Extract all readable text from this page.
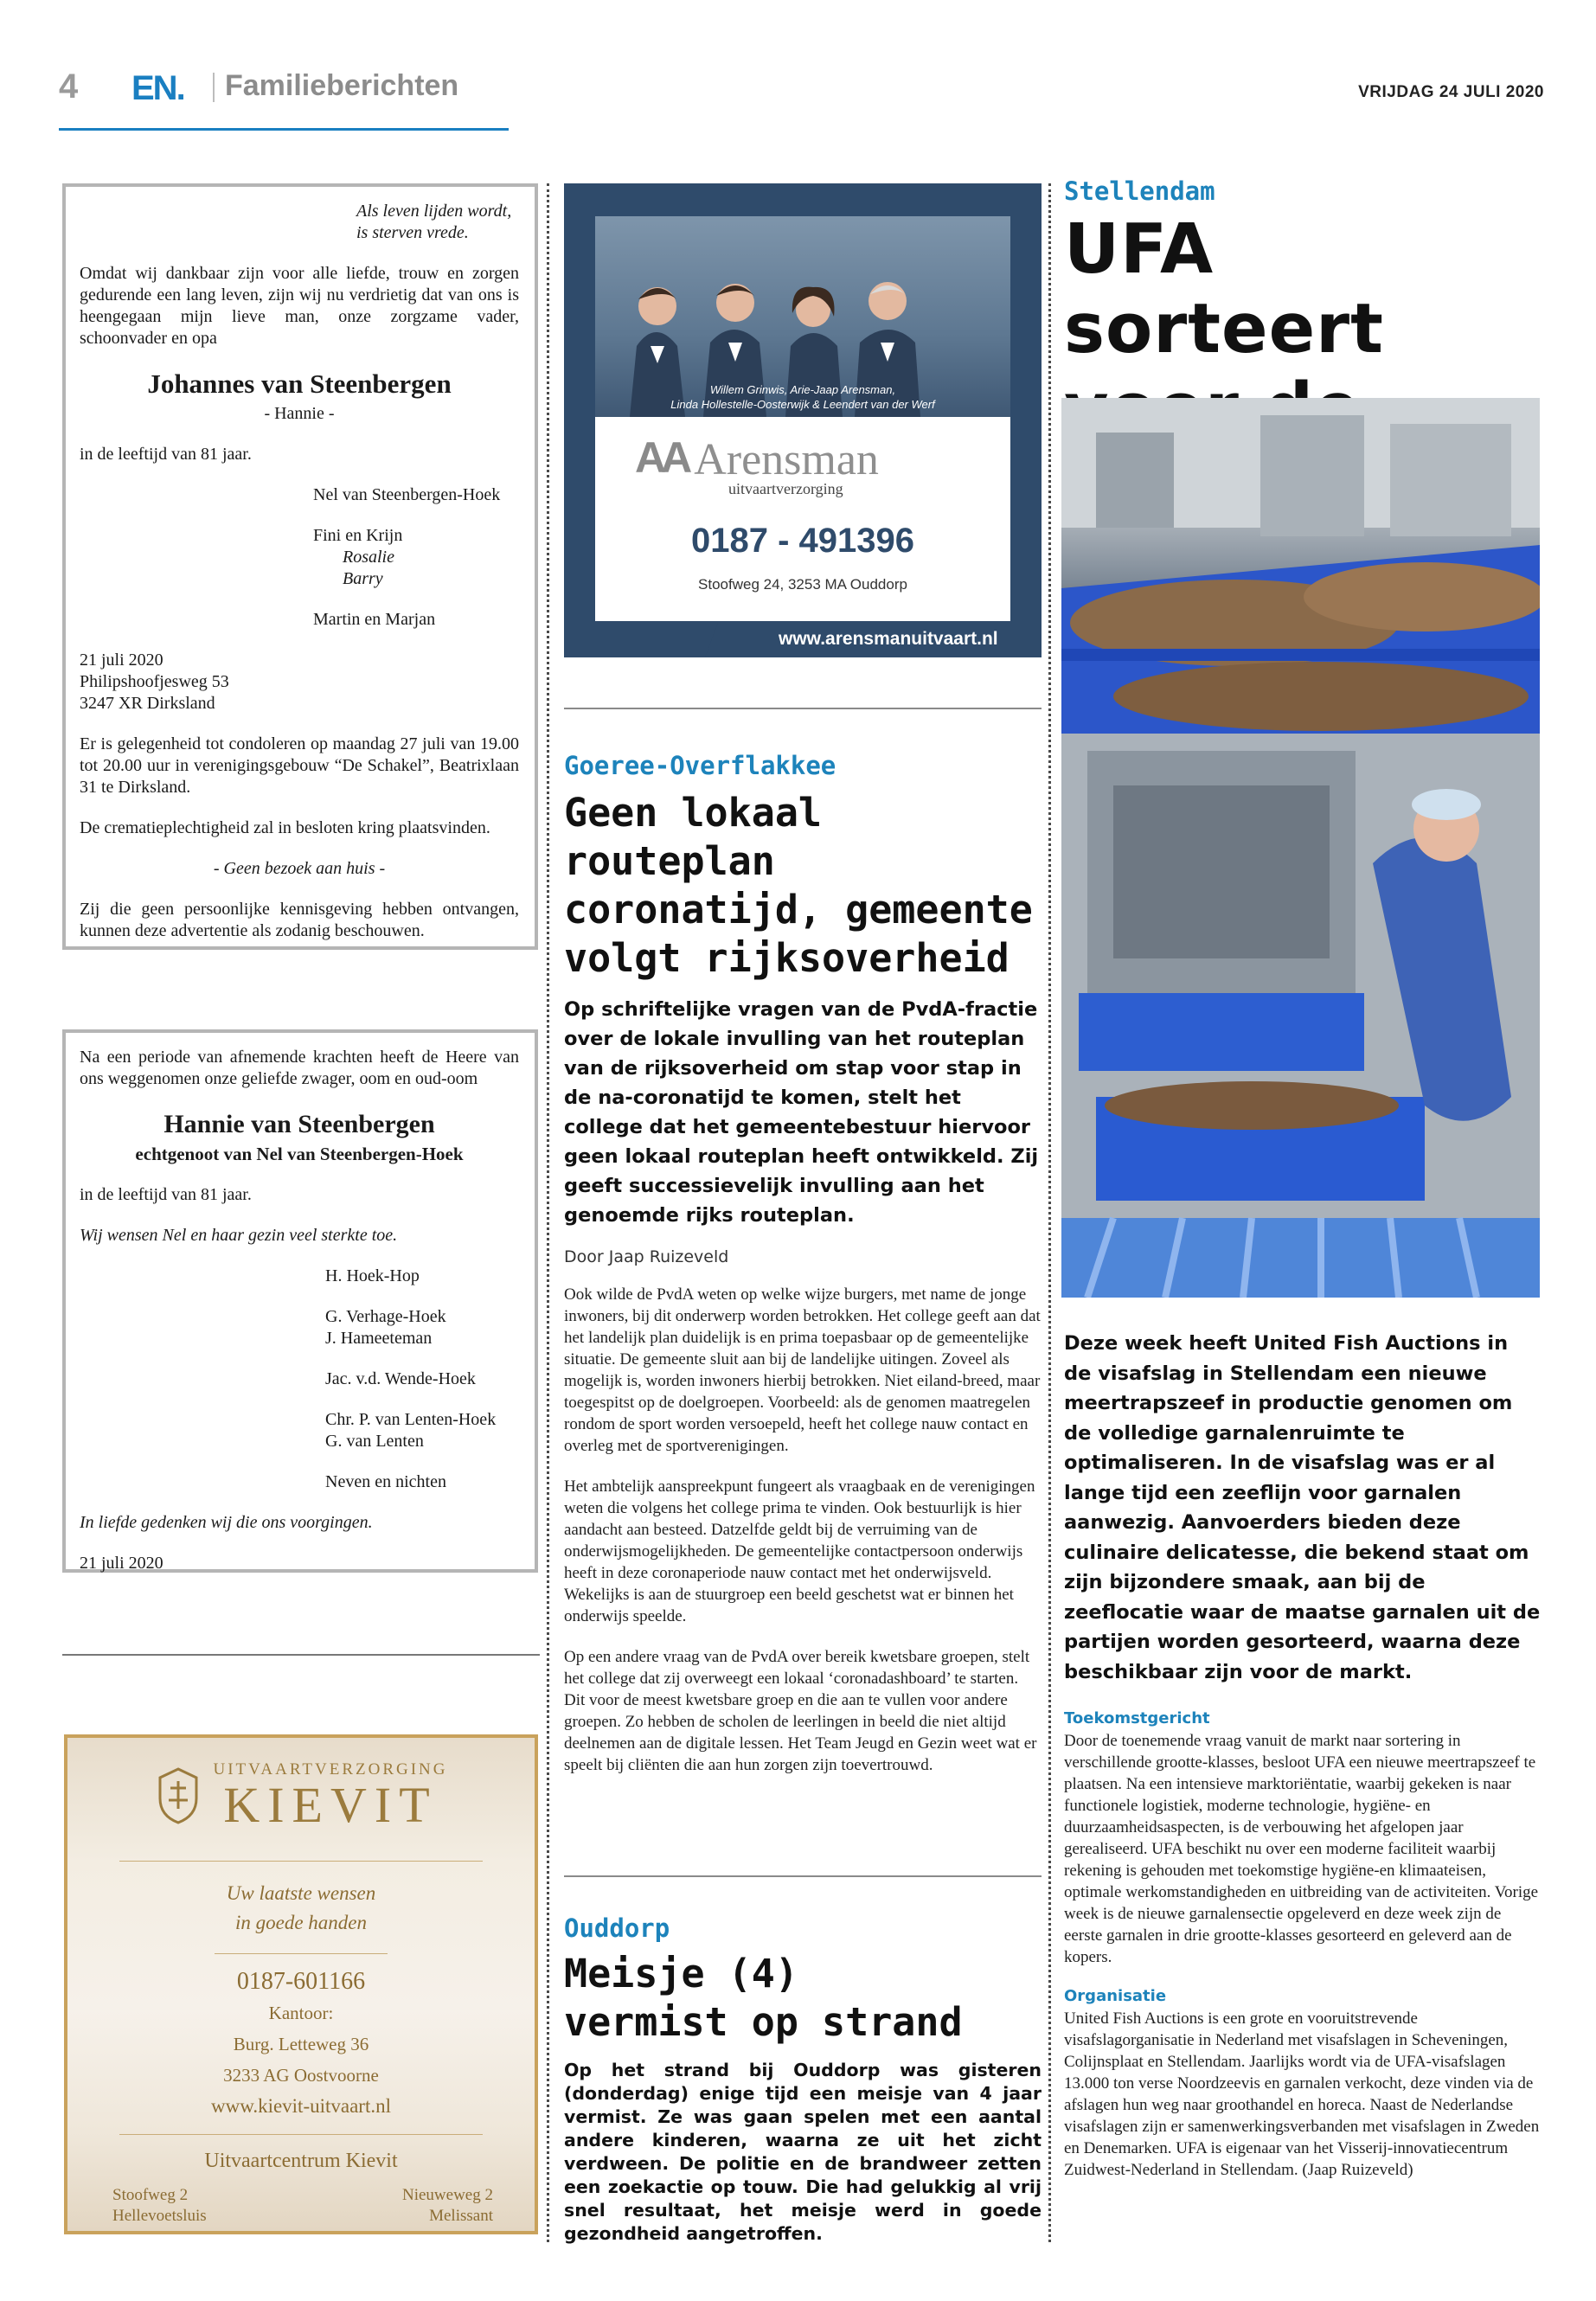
4 EN. Familieberichten	VRIJDAG 24 JULI 2020
Als leven lijden wordt,
is sterven vrede.

Omdat wij dankbaar zijn voor alle liefde, trouw en zorgen gedurende een lang leven, zijn wij nu verdrietig dat van ons is heengegaan mijn lieve man, onze zorgzame vader, schoonvader en opa

Johannes van Steenbergen
- Hannie -

in de leeftijd van 81 jaar.

Nel van Steenbergen-Hoek

Fini en Krijn
Rosalie
Barry

Martin en Marjan

21 juli 2020
Philipshoofjesweg 53
3247 XR Dirksland

Er is gelegenheid tot condoleren op maandag 27 juli van 19.00 tot 20.00 uur in verenigingsgebouw “De Schakel”, Beatrixlaan 31 te Dirksland.

De crematieplechtigheid zal in besloten kring plaatsvinden.

- Geen bezoek aan huis -

Zij die geen persoonlijke kennisgeving hebben ontvangen, kunnen deze advertentie als zodanig beschouwen.

Na een periode van afnemende krachten heeft de Heere van ons weggenomen onze geliefde zwager, oom en oud-oom

Hannie van Steenbergen
echtgenoot van Nel van Steenbergen-Hoek

in de leeftijd van 81 jaar.

Wij wensen Nel en haar gezin veel sterkte toe.

H. Hoek-Hop

G. Verhage-Hoek
J. Hameeteman

Jac. v.d. Wende-Hoek

Chr. P. van Lenten-Hoek
G. van Lenten

Neven en nichten

In liefde gedenken wij die ons voorgingen.

21 juli 2020

UITVAARTVERZORGING
KIEVIT
Uw laatste wensen
in goede handen
0187-601166
Kantoor:
Burg. Letteweg 36
3233 AG Oostvoorne
www.kievit-uitvaart.nl
Uitvaartcentrum Kievit
Stoofweg 2
Hellevoetsluis
Nieuweweg 2
Melissant
Willem Grinwis, Arie-Jaap Arensman,
Linda Hollestelle-Oosterwijk & Leendert van der Werf
AA Arensman
uitvaartverzorging
0187 - 491396
Stoofweg 24, 3253 MA Ouddorp
www.arensmanuitvaart.nl
Goeree-Overflakkee
Geen lokaal routeplan
coronatijd, gemeente
volgt rijksoverheid
Op schriftelijke vragen van de PvdA-fractie over de lokale invulling van het routeplan van de rijksoverheid om stap voor stap in de na-coronatijd te komen, stelt het college dat het gemeentebestuur hiervoor geen lokaal routeplan heeft ontwikkeld. Zij geeft successievelijk invulling aan het genoemde rijks routeplan.
Door Jaap Ruizeveld

Ook wilde de PvdA weten op welke wijze burgers, met name de jonge inwoners, bij dit onderwerp worden betrokken. Het college geeft aan dat het landelijk plan duidelijk is en prima toepasbaar op de gemeentelijke situatie. De gemeente sluit aan bij de landelijke uitingen. Zoveel als mogelijk is, worden inwoners hierbij betrokken. Niet eiland-breed, maar toegespitst op de doelgroepen. Voorbeeld: als de genomen maatregelen rondom de sport worden versoepeld, heeft het college nauw contact en overleg met de sportverenigingen.

Het ambtelijk aanspreekpunt fungeert als vraagbaak en de verenigingen weten die volgens het college prima te vinden. Ook bestuurlijk is hier aandacht aan besteed. Datzelfde geldt bij de verruiming van de onderwijsmogelijkheden. De gemeentelijke contactpersoon onderwijs heeft in deze coronaperiode nauw contact met het onderwijsveld. Wekelijks is aan de stuurgroep een beeld geschetst wat er binnen het onderwijs speelde.

Op een andere vraag van de PvdA over bereik kwetsbare groepen, stelt het college dat zij overweegt een lokaal ‘coronadashboard’ te starten. Dit voor de meest kwetsbare groep en die aan te vullen voor andere groepen. Zo hebben de scholen de leerlingen in beeld die niet altijd deelnemen aan de digitale lessen. Het Team Jeugd en Gezin weet wat er speelt bij cliënten die aan hun zorgen zijn toevertrouwd.

Ouddorp
Meisje (4)
vermist op strand
Op het strand bij Ouddorp was gisteren (donderdag) enige tijd een meisje van 4 jaar vermist. Ze was gaan spelen met een aantal andere kinderen, waarna ze uit het zicht verdween. De politie en de brandweer zetten een zoekactie op touw. Die had gelukkig al vrij snel resultaat, het meisje werd in goede gezondheid aangetroffen.
Stellendam
UFA sorteert
Deze week heeft United Fish Auctions in de visafslag in Stellendam een nieuwe meertrapszeef in productie genomen om de volledige garnalenruimte te optimaliseren. In de visafslag was er al lange tijd een zeeflijn voor garnalen aanwezig. Aanvoerders bieden deze culinaire delicatesse, die bekend staat om zijn bijzondere smaak, aan bij de zeeflocatie waar de maatse garnalen uit de partijen worden gesorteerd, waarna deze beschikbaar zijn voor de markt.
Toekomstgericht

Door de toenemende vraag vanuit de markt naar sortering in verschillende grootte-klasses, besloot UFA een nieuwe meertrapszeef te plaatsen. Na een intensieve marktoriëntatie, waarbij gekeken is naar functionele logistiek, moderne technologie, hygiëne- en duurzaamheidsaspecten, is de verbouwing het afgelopen jaar gerealiseerd. UFA beschikt nu over een moderne faciliteit waarbij rekening is gehouden met toekomstige hygiëne-en klimaateisen, optimale werkomstandigheden en uitbreiding van de activiteiten. Vorige week is de nieuwe garnalensectie opgeleverd en deze week zijn de eerste garnalen in drie grootte-klasses gesorteerd en geleverd aan de kopers.

Organisatie

United Fish Auctions is een grote en vooruitstrevende visafslagorganisatie in Nederland met visafslagen in Scheveningen, Colijnsplaat en Stellendam. Jaarlijks wordt via de UFA-visafslagen 13.000 ton verse Noordzeevis en garnalen verkocht, deze vinden via de afslagen hun weg naar groothandel en horeca. Naast de Nederlandse visafslagen zijn er samenwerkingsverbanden met visafslagen in Zweden en Denemarken. UFA is eigenaar van het Visserij-innovatiecentrum Zuidwest-Nederland in Stellendam. (Jaap Ruizeveld)
